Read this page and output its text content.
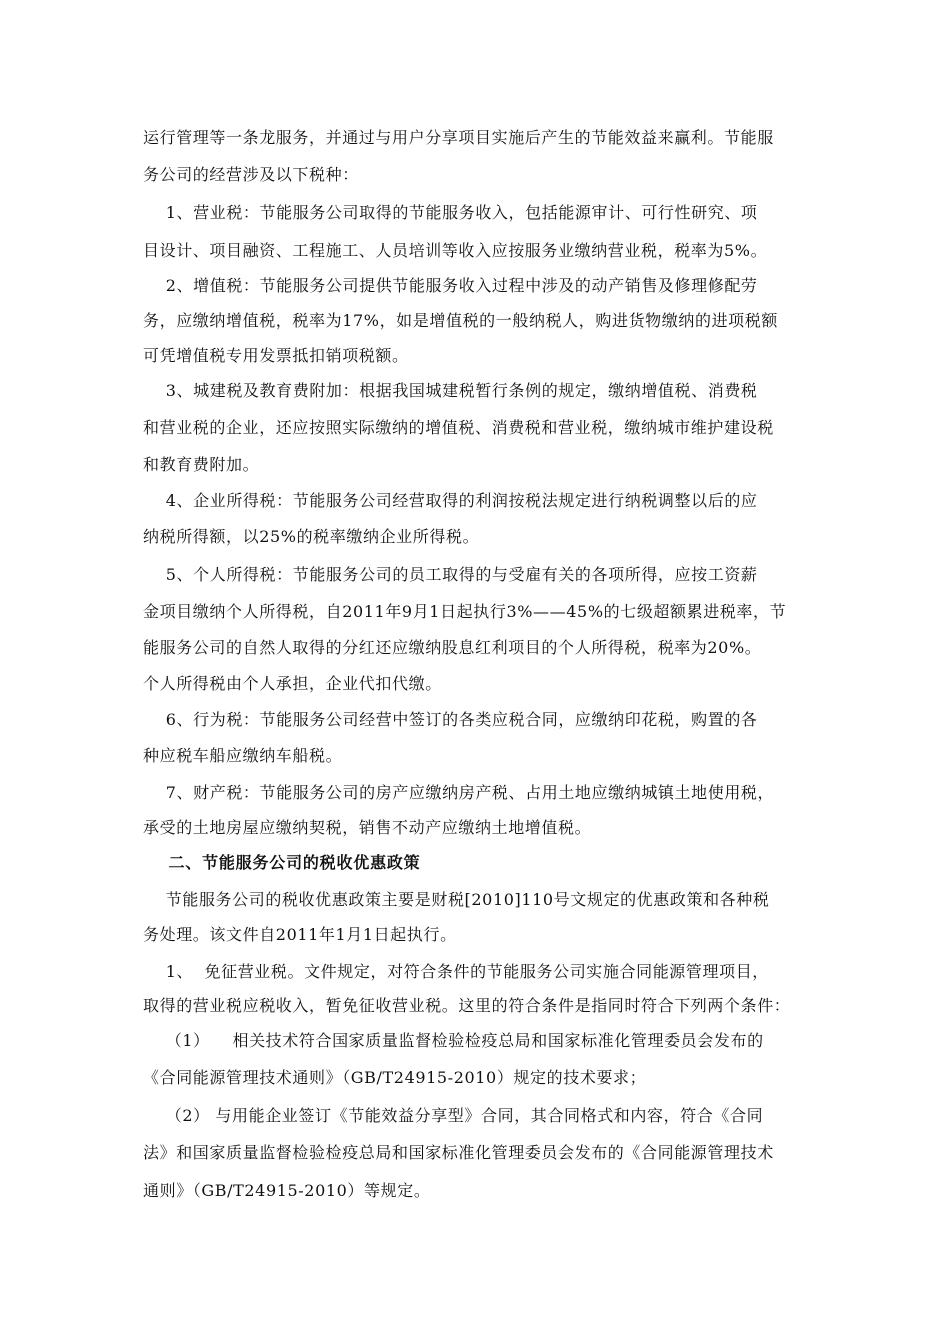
运行管理等一条龙服务，并通过与用户分享项目实施后产生的节能效益来赢利。节能服
务公司的经营涉及以下税种：
1、营业税：节能服务公司取得的节能服务收入，包括能源审计、可行性研究、项
目设计、项目融资、工程施工、人员培训等收入应按服务业缴纳营业税，税率为5%。
2、增值税：节能服务公司提供节能服务收入过程中涉及的动产销售及修理修配劳
务，应缴纳增值税，税率为17%，如是增值税的一般纳税人，购进货物缴纳的进项税额
可凭增值税专用发票抵扣销项税额。
3、城建税及教育费附加：根据我国城建税暂行条例的规定，缴纳增值税、消费税
和营业税的企业，还应按照实际缴纳的增值税、消费税和营业税，缴纳城市维护建设税
和教育费附加。
4、企业所得税：节能服务公司经营取得的利润按税法规定进行纳税调整以后的应
纳税所得额，以25%的税率缴纳企业所得税。
5、个人所得税：节能服务公司的员工取得的与受雇有关的各项所得，应按工资薪
金项目缴纳个人所得税，自2011年9月1日起执行3%——45%的七级超额累进税率，节
能服务公司的自然人取得的分红还应缴纳股息红利项目的个人所得税，税率为20%。
个人所得税由个人承担，企业代扣代缴。
6、行为税：节能服务公司经营中签订的各类应税合同，应缴纳印花税，购置的各
种应税车船应缴纳车船税。
7、财产税：节能服务公司的房产应缴纳房产税、占用土地应缴纳城镇土地使用税，
承受的土地房屋应缴纳契税，销售不动产应缴纳土地增值税。
二、节能服务公司的税收优惠政策
节能服务公司的税收优惠政策主要是财税[2010]110号文规定的优惠政策和各种税
务处理。该文件自2011年1月1日起执行。
1、  免征营业税。文件规定，对符合条件的节能服务公司实施合同能源管理项目，
取得的营业税应税收入，暂免征收营业税。这里的符合条件是指同时符合下列两个条件：
（1）    相关技术符合国家质量监督检验检疫总局和国家标准化管理委员会发布的
《合同能源管理技术通则》（GB/T24915-2010）规定的技术要求；
（2） 与用能企业签订《节能效益分享型》合同，其合同格式和内容，符合《合同
法》和国家质量监督检验检疫总局和国家标准化管理委员会发布的《合同能源管理技术
通则》（GB/T24915-2010）等规定。
